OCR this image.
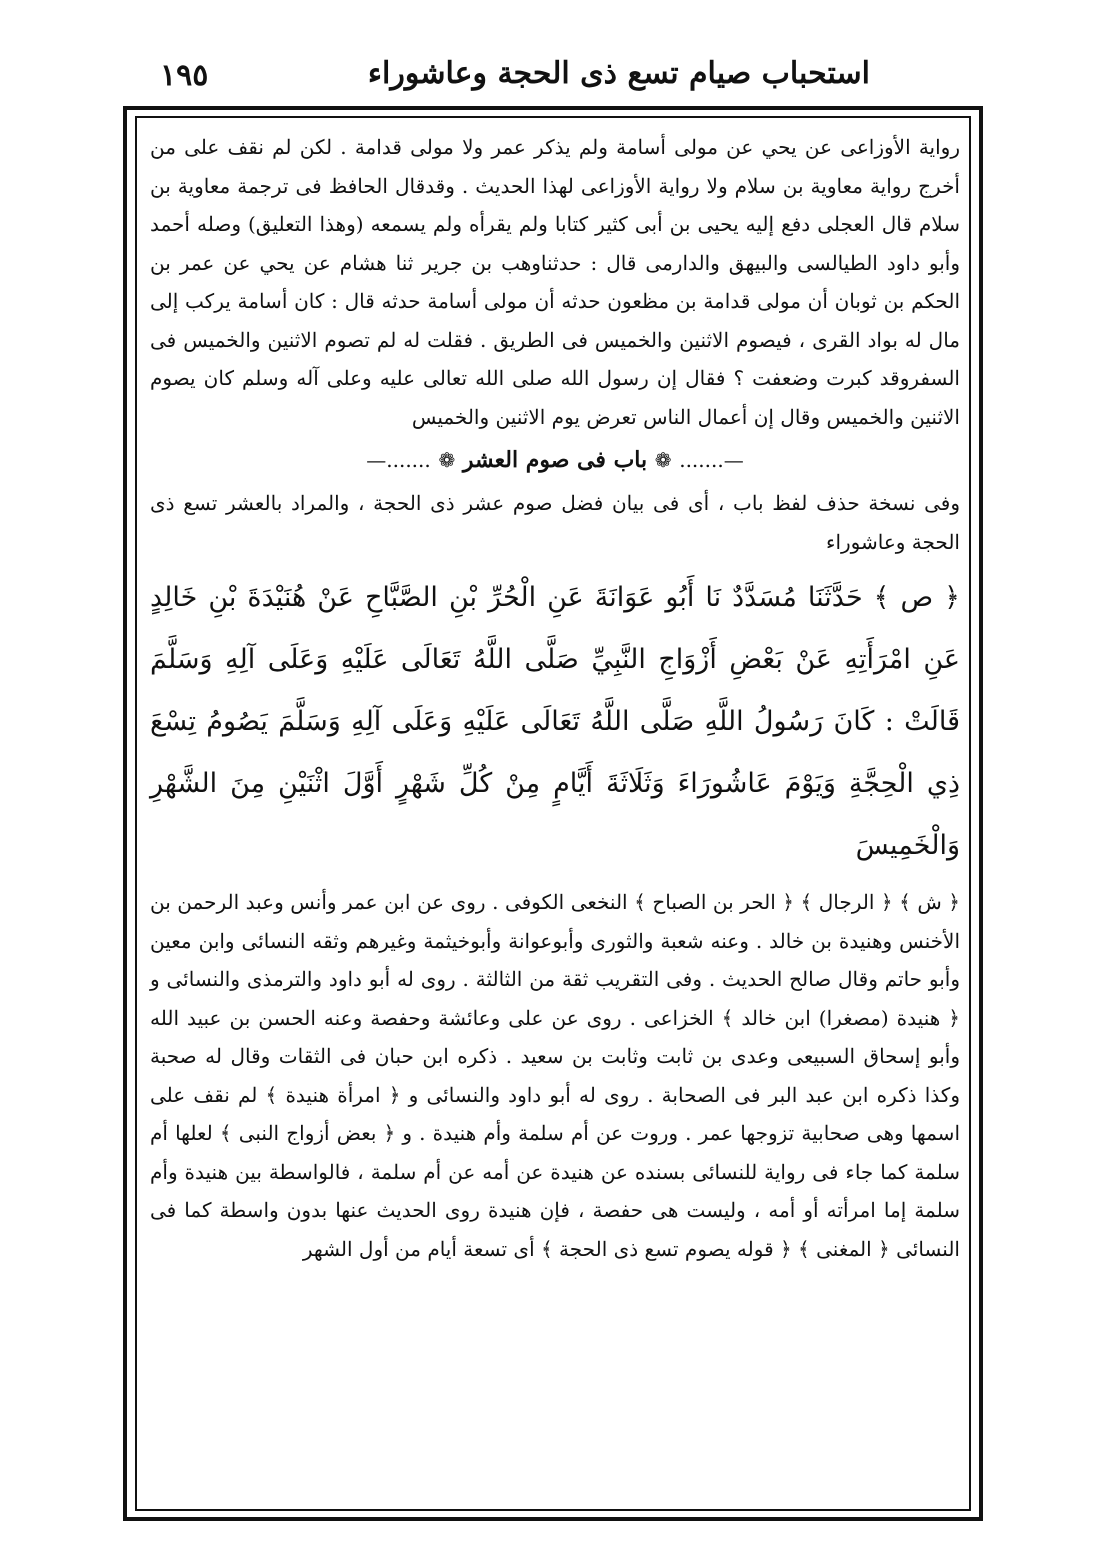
استحباب صيام تسع ذى الحجة وعاشوراء
١٩٥

رواية الأوزاعى عن يحي عن مولى أسامة ولم يذكر عمر ولا مولى قدامة . لكن لم نقف على من أخرج رواية معاوية بن سلام ولا رواية الأوزاعى لهذا الحديث . وقدقال الحافظ فى ترجمة معاوية بن سلام قال العجلى دفع إليه يحيى بن أبى كثير كتابا ولم يقرأه ولم يسمعه (وهذا التعليق) وصله أحمد وأبو داود الطيالسى والبيهق والدارمى قال : حدثناوهب بن جرير ثنا هشام عن يحي عن عمر بن الحكم بن ثوبان أن مولى قدامة بن مظعون حدثه أن مولى أسامة حدثه قال : كان أسامة يركب إلى مال له بواد القرى ، فيصوم الاثنين والخميس فى الطريق . فقلت له لم تصوم الاثنين والخميس فى السفروقد كبرت وضعفت ؟ فقال إن رسول الله صلى الله تعالى عليه وعلى آله وسلم كان يصوم الاثنين والخميس وقال إن أعمال الناس تعرض يوم الاثنين والخميس

—....... ❁ باب فى صوم العشر ❁ .......—

وفى نسخة حذف لفظ باب ، أى فى بيان فضل صوم عشر ذى الحجة ، والمراد بالعشر تسع ذى الحجة وعاشوراء

﴿ ص ﴾ حَدَّثَنَا مُسَدَّدٌ نَا أَبُو عَوَانَةَ عَنِ الْحُرِّ بْنِ الصَّبَّاحِ عَنْ هُنَيْدَةَ بْنِ خَالِدٍ عَنِ امْرَأَتِهِ عَنْ بَعْضِ أَزْوَاجِ النَّبِيِّ صَلَّى اللَّهُ تَعَالَى عَلَيْهِ وَعَلَى آلِهِ وَسَلَّمَ قَالَتْ : كَانَ رَسُولُ اللَّهِ صَلَّى اللَّهُ تَعَالَى عَلَيْهِ وَعَلَى آلِهِ وَسَلَّمَ يَصُومُ تِسْعَ ذِي الْحِجَّةِ وَيَوْمَ عَاشُورَاءَ وَثَلَاثَةَ أَيَّامٍ مِنْ كُلِّ شَهْرٍ أَوَّلَ اثْنَيْنِ مِنَ الشَّهْرِ وَالْخَمِيسَ

﴿ ش ﴾ ﴿ الرجال ﴾ ﴿ الحر بن الصباح ﴾ النخعى الكوفى . روى عن ابن عمر وأنس وعبد الرحمن بن الأخنس وهنيدة بن خالد . وعنه شعبة والثورى وأبوعوانة وأبوخيثمة وغيرهم وثقه النسائى وابن معين وأبو حاتم وقال صالح الحديث . وفى التقريب ثقة من الثالثة . روى له أبو داود والترمذى والنسائى و ﴿ هنيدة (مصغرا) ابن خالد ﴾ الخزاعى . روى عن على وعائشة وحفصة وعنه الحسن بن عبيد الله وأبو إسحاق السبيعى وعدى بن ثابت وثابت بن سعيد . ذكره ابن حبان فى الثقات وقال له صحبة وكذا ذكره ابن عبد البر فى الصحابة . روى له أبو داود والنسائى و ﴿ امرأة هنيدة ﴾ لم نقف على اسمها وهى صحابية تزوجها عمر . وروت عن أم سلمة وأم هنيدة . و ﴿ بعض أزواج النبى ﴾ لعلها أم سلمة كما جاء فى رواية للنسائى بسنده عن هنيدة عن أمه عن أم سلمة ، فالواسطة بين هنيدة وأم سلمة إما امرأته أو أمه ، وليست هى حفصة ، فإن هنيدة روى الحديث عنها بدون واسطة كما فى النسائى ﴿ المغنى ﴾ ﴿ قوله يصوم تسع ذى الحجة ﴾ أى تسعة أيام من أول الشهر
